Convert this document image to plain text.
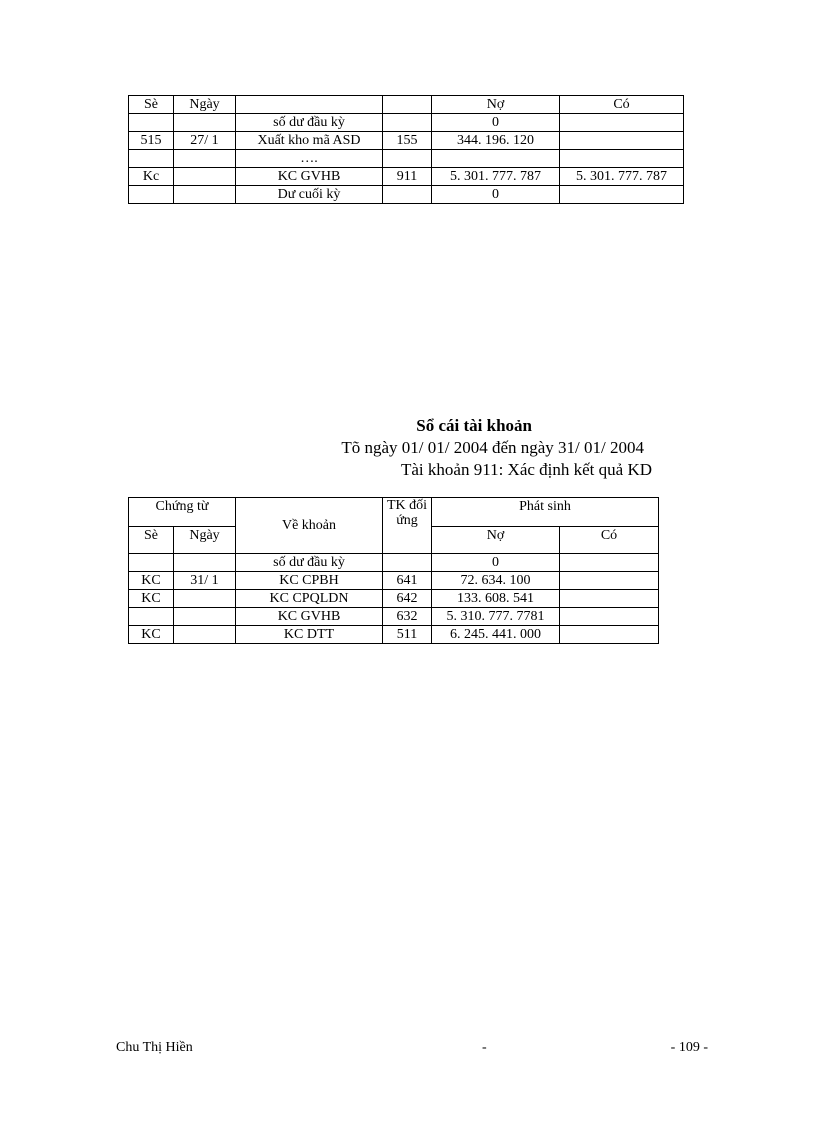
Sè	Ngày			Nợ	Có
		số dư đầu kỳ		0	
515	27/ 1	Xuất kho mã ASD	155	344. 196. 120	
		….			
Kc		KC GVHB	911	5. 301. 777. 787	5. 301. 777. 787
		Dư cuối kỳ		0	
Sổ cái tài khoản
Tõ ngày 01/ 01/ 2004 đến ngày 31/ 01/ 2004
Tài khoản 911: Xác định kết quả KD
Chứng từ		Về khoản	TK đối ứng	Phát sinh	
Sè	Ngày			Nợ	Có
		số dư đầu kỳ		0	
KC	31/ 1	KC CPBH	641	72. 634. 100	
KC		KC CPQLDN	642	133. 608. 541	
		KC GVHB	632	5. 310. 777. 7781	
KC		KC DTT	511	6. 245. 441. 000	
Chu Thị Hiền	-	- 109 -
